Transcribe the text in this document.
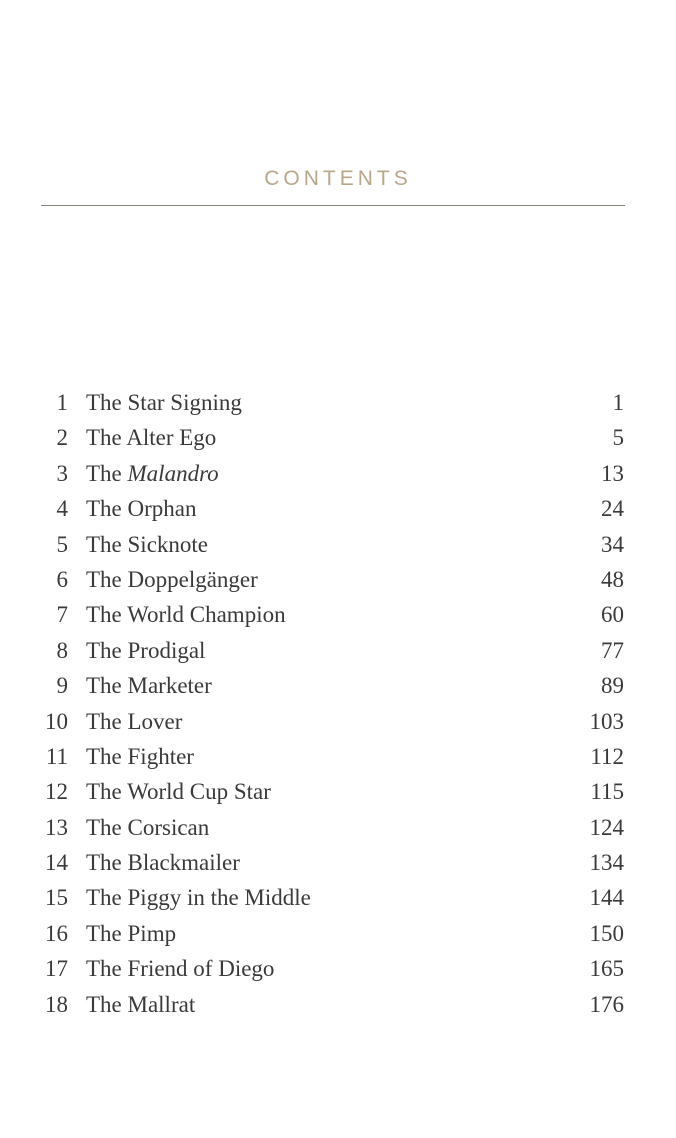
CONTENTS
1 The Star Signing	1
2 The Alter Ego	5
3 The Malandro	13
4 The Orphan	24
5 The Sicknote	34
6 The Doppelgänger	48
7 The World Champion	60
8 The Prodigal	77
9 The Marketer	89
10 The Lover	103
11 The Fighter	112
12 The World Cup Star	115
13 The Corsican	124
14 The Blackmailer	134
15 The Piggy in the Middle	144
16 The Pimp	150
17 The Friend of Diego	165
18 The Mallrat	176
